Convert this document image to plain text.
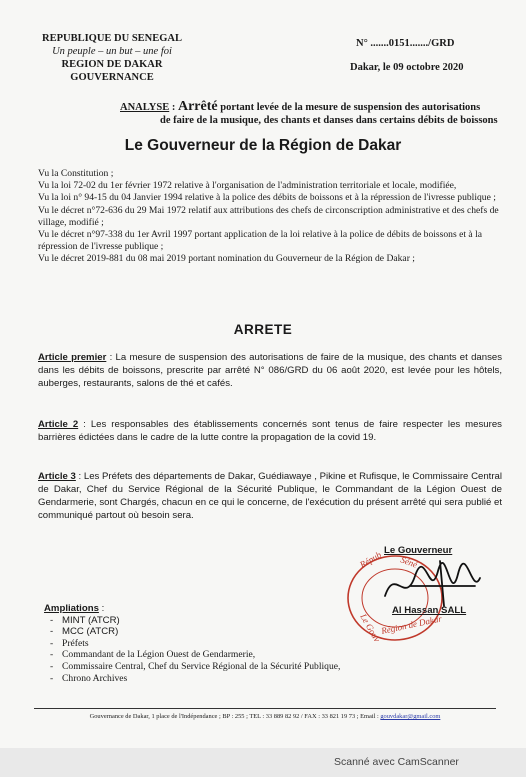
REPUBLIQUE DU SENEGAL
Un peuple – un but – une foi
REGION DE DAKAR
GOUVERNANCE
N° .......0151......./GRD
Dakar, le 09 octobre 2020
ANALYSE : Arrêté portant levée de la mesure de suspension des autorisations
de faire de la musique, des chants et danses dans certains débits de boissons
Le Gouverneur de la Région de Dakar

Vu la Constitution ;

Vu la loi 72-02 du 1er février 1972 relative à l'organisation de l'administration territoriale et locale, modifiée,

Vu la loi n° 94-15 du 04 Janvier 1994 relative à la police des débits de boissons et à la répression de l'ivresse publique ;

Vu le décret n°72-636 du 29 Mai 1972 relatif aux attributions des chefs de circonscription administrative et des chefs de village, modifié ;

Vu le décret n°97-338 du 1er Avril 1997 portant application de la loi relative à la police de débits de boissons et à la répression de l'ivresse publique ;

Vu le décret 2019-881 du 08 mai 2019 portant nomination du Gouverneur de la Région de Dakar ;

ARRETE
Article premier : La mesure de suspension des autorisations de faire de la musique, des chants et danses dans les débits de boissons, prescrite par arrêté N° 086/GRD du 06 août 2020, est levée pour les hôtels, auberges, restaurants, salons de thé et cafés.
Article 2 : Les responsables des établissements concernés sont tenus de faire respecter les mesures barrières édictées dans le cadre de la lutte contre la propagation de la covid 19.
Article 3 : Les Préfets des départements de Dakar, Guédiawaye , Pikine et Rufisque, le Commissaire Central de Dakar, Chef du Service Régional de la Sécurité Publique, le Commandant de la Légion Ouest de Gendarmerie, sont Chargés, chacun en ce qui le concerne, de l'exécution du présent arrêté qui sera publié et communiqué partout où besoin sera.
Répub Séné
Région de Dakar
Le Gouv
Le Gouverneur
Al Hassan SALL
Ampliations :
- MINT (ATCR)
- MCC (ATCR)
- Préfets
- Commandant de la Légion Ouest de Gendarmerie,
- Commissaire Central, Chef du Service Régional de la Sécurité Publique,
- Chrono Archives
Gouvernance de Dakar, 1 place de l'Indépendance ; BP : 255 ; TEL : 33 889 82 92 / FAX : 33 821 19 73 ; Email : gouvdakar@gmail.com
Scanné avec CamScanner
